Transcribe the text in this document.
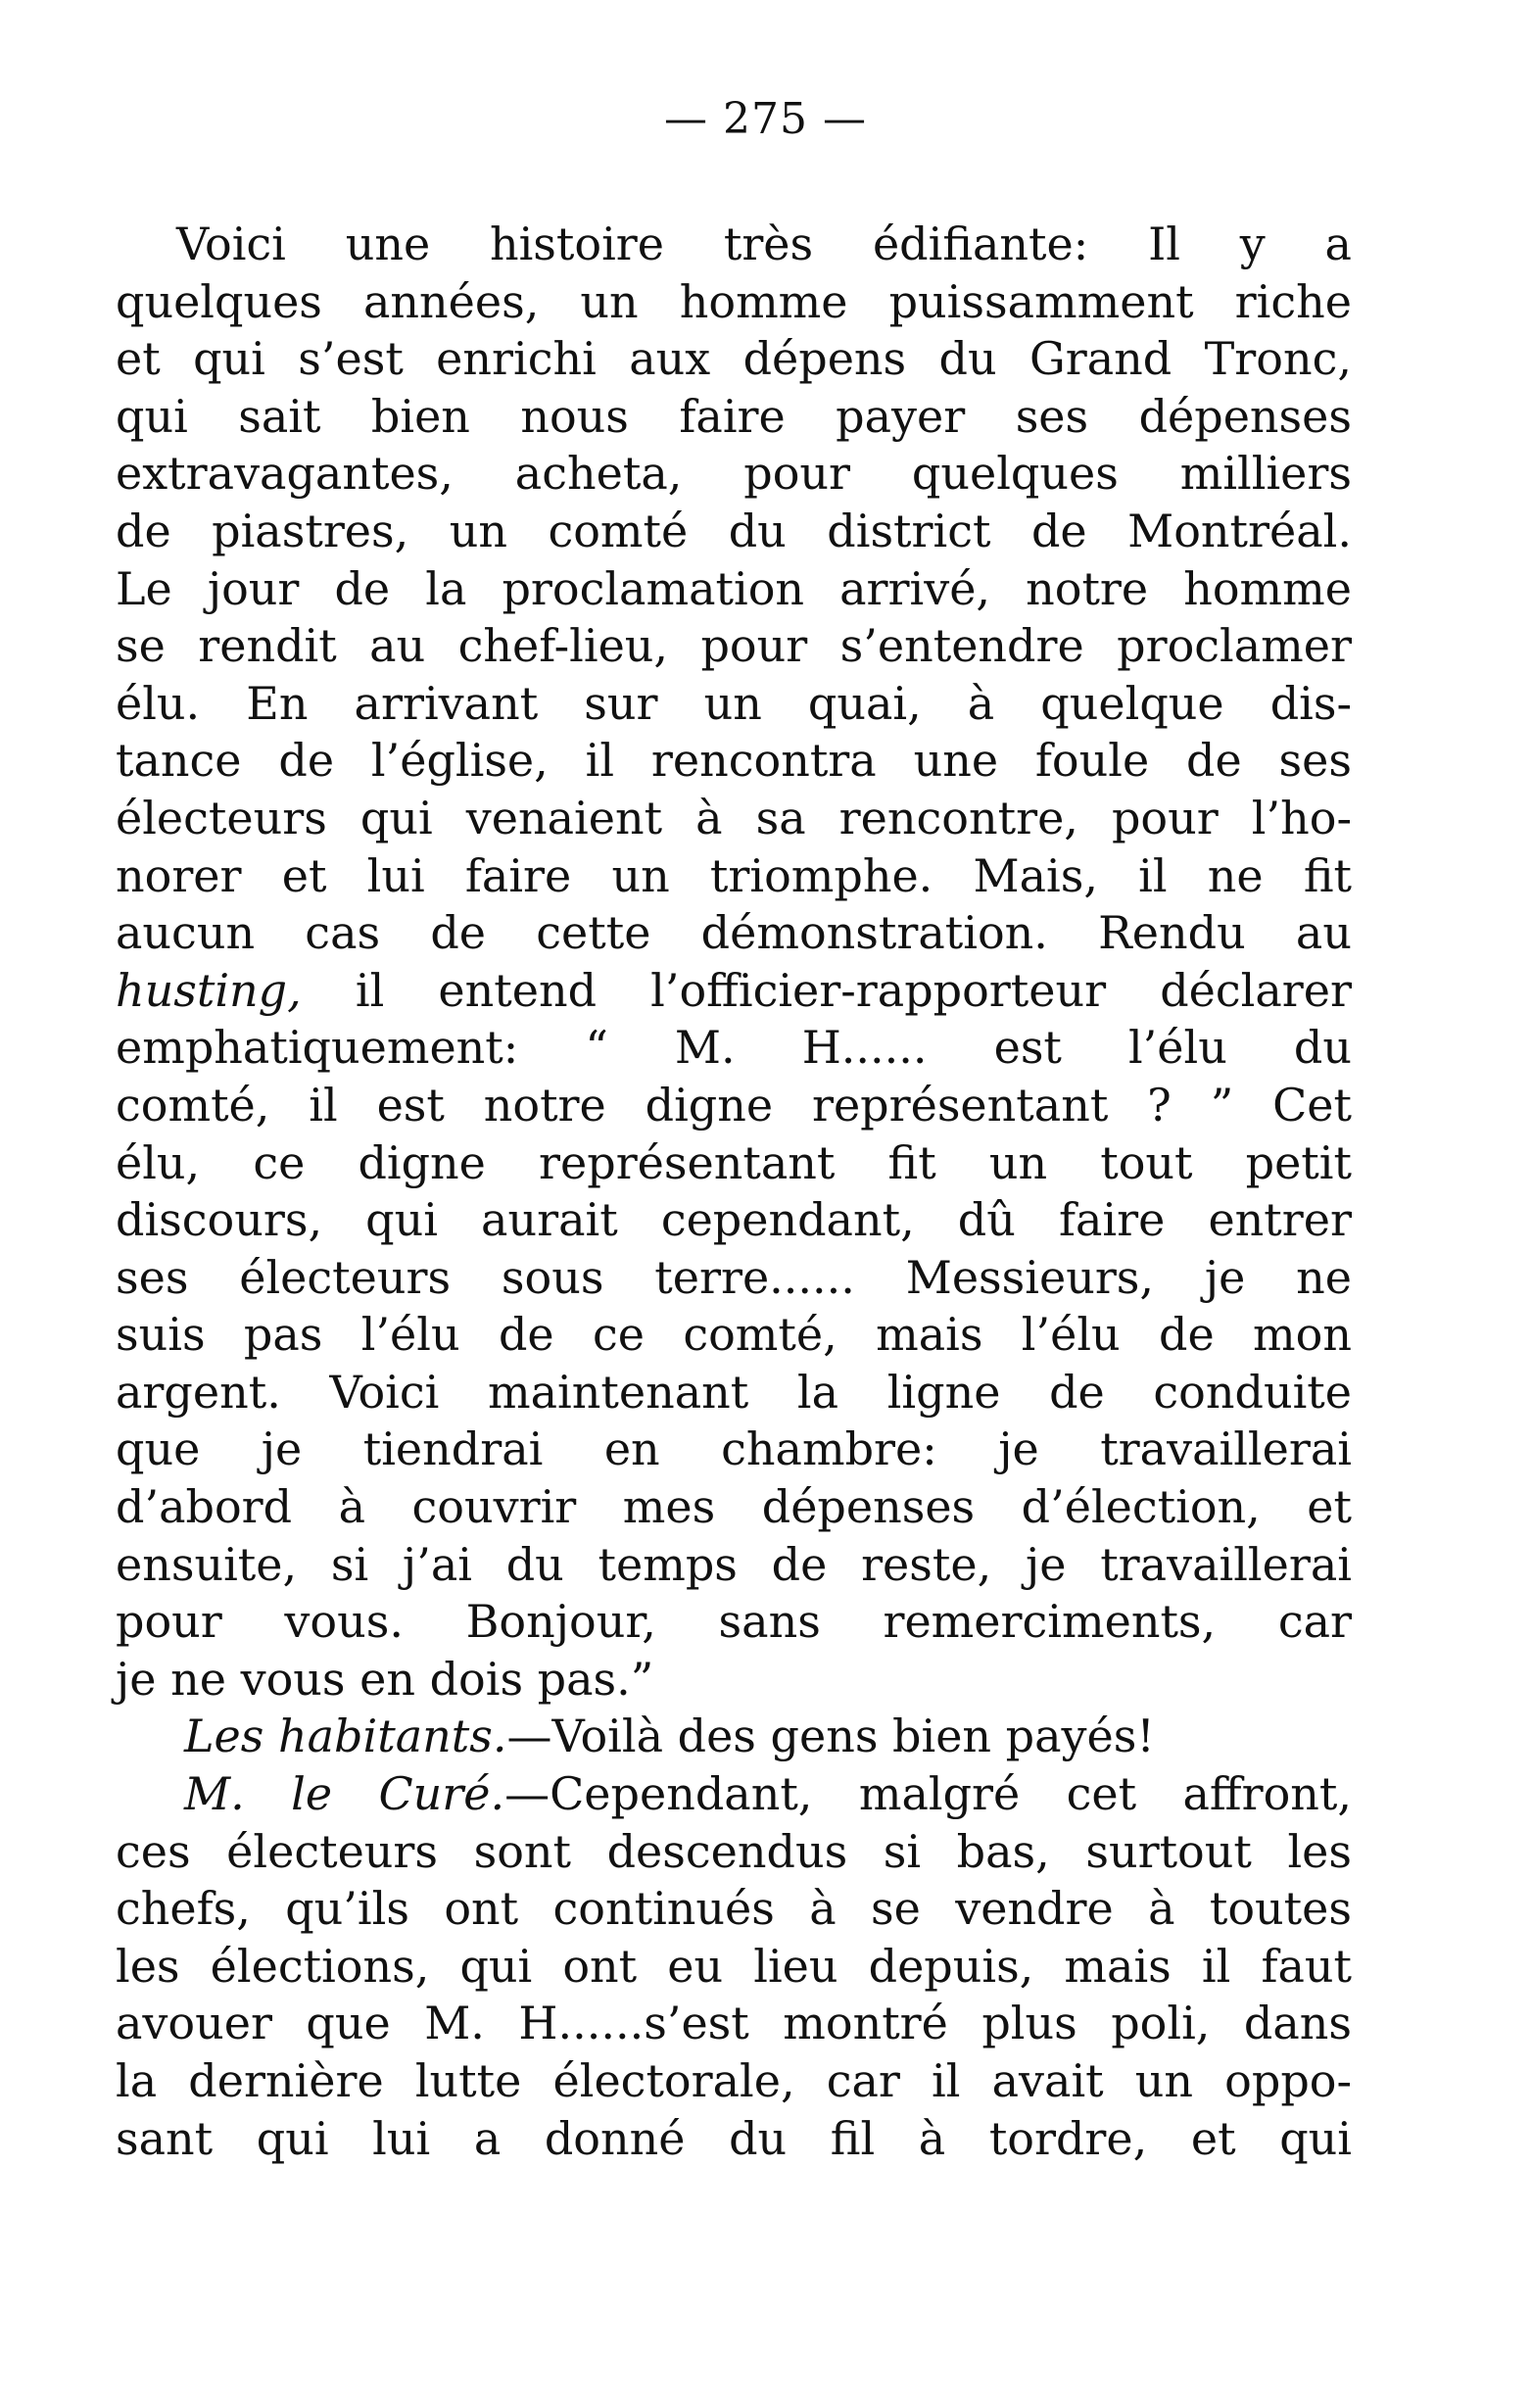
— 275 —
Voici une histoire très édifiante: Il y a
quelques années, un homme puissamment riche
et qui s’est enrichi aux dépens du Grand Tronc,
qui sait bien nous faire payer ses dépenses
extravagantes, acheta, pour quelques milliers
de piastres, un comté du district de Montréal.
Le jour de la proclamation arrivé, notre homme
se rendit au chef-lieu, pour s’entendre proclamer
élu. En arrivant sur un quai, à quelque dis-
tance de l’église, il rencontra une foule de ses
électeurs qui venaient à sa rencontre, pour l’ho-
norer et lui faire un triomphe. Mais, il ne fit
aucun cas de cette démonstration. Rendu au
husting, il entend l’officier-rapporteur déclarer
emphatiquement: “ M. H...... est l’élu du
comté, il est notre digne représentant ? ” Cet
élu, ce digne représentant fit un tout petit
discours, qui aurait cependant, dû faire entrer
ses électeurs sous terre...... Messieurs, je ne
suis pas l’élu de ce comté, mais l’élu de mon
argent. Voici maintenant la ligne de conduite
que je tiendrai en chambre: je travaillerai
d’abord à couvrir mes dépenses d’élection, et
ensuite, si j’ai du temps de reste, je travaillerai
pour vous. Bonjour, sans remerciments, car
je ne vous en dois pas.”
Les habitants.—Voilà des gens bien payés!
M. le Curé.—Cependant, malgré cet affront,
ces électeurs sont descendus si bas, surtout les
chefs, qu’ils ont continués à se vendre à toutes
les élections, qui ont eu lieu depuis, mais il faut
avouer que M. H......s’est montré plus poli, dans
la dernière lutte électorale, car il avait un oppo-
sant qui lui a donné du fil à tordre, et qui
